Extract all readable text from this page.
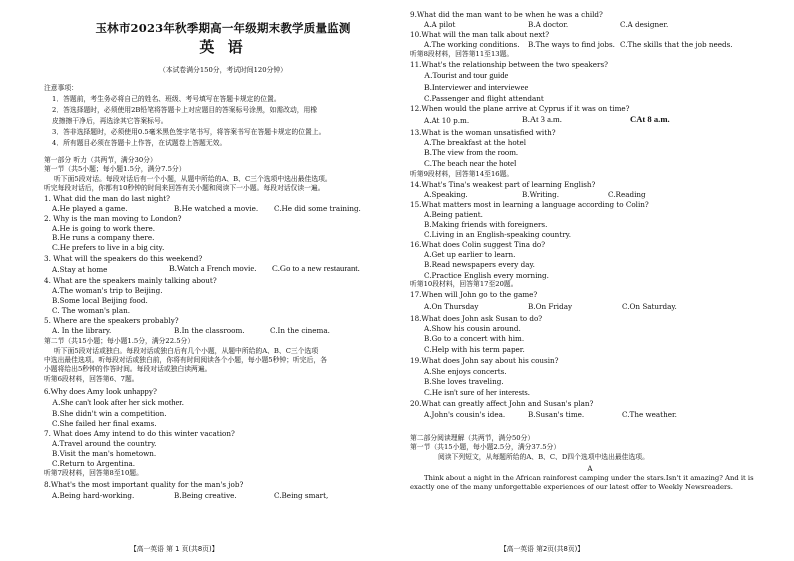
玉林市2023年秋季期高一年级期末教学质量监测
英 语
（本试卷满分150分，考试时间120分钟）
注意事项：
1．答题前，考生务必将自己的姓名、班级、考号填写在答题卡规定的位置。
2．答选择题时，必须使用2B铅笔将答题卡上对应题目的答案标号涂黑，如需改动，用橡
皮擦擦干净后，再选涂其它答案标号。
3．答非选择题时，必须使用0.5毫米黑色签字笔书写，将答案书写在答题卡规定的位置上。
4．所有题目必须在答题卡上作答，在试题卷上答题无效。
第一部分 听力（共两节，满分30分）
第一节（共5小题；每小题1.5分，满分7.5分）
听下面5段对话。每段对话后有一个小题，从题中所给的A、B、C三个选项中选出最佳选项。
听完每段对话后，你都有10秒钟的时间来回答有关小题和阅读下一小题。每段对话仅读一遍。
1. What did the man do last night?
A.He played a game.	B.He watched a movie. C.He did some training.
2. Why is the man moving to London?
A.He is going to work there.
B.He runs a company there.
C.He prefers to live in a big city.
3. What will the speakers do this weekend?
A.Stay at home	B.Watch a French movie. C.Go to a new restaurant.
4. What are the speakers mainly talking about?
A.The woman's trip to Beijing.
B.Some local Beijing food.
C. The woman's plan.
5. Where are the speakers probably?
A. In the library.	B.In the classroom.	C.In the cinema.
第二节（共15小题；每小题1.5分，满分22.5分）
听下面5段对话或独白。每段对话或独白后有几个小题，从题中所给的A、B、C三个选项
中选出最佳选项。听每段对话或独白前，你将有时间阅读各个小题，每小题5秒钟；听完后，各
小题将给出5秒钟的作答时间。每段对话或独白读两遍。
听第6段材料，回答第6、7题。
6.Why does Amy look unhappy?
A.She can't look after her sick mother.
B.She didn't win a competition.
C.She failed her final exams.
7. What does Amy intend to do this winter vacation?
A.Travel around the country.
B.Visit the man's hometown.
C.Return to Argentina.
听第7段材料，回答第8至10题。
8.What's the most important quality for the man's job?
A.Being hard-working.	B.Being creative.	C.Being smart,
【高一英语 第 1 页(共8页)】
9.What did the man want to be when he was a child?
A.A pilot	B.A doctor.	C.A designer.
10.What will the man talk about next?
A.The working conditions. B.The ways to find jobs. C.The skills that the job needs.
听第8段材料，回答第11至13题。
11.What's the relationship between the two speakers?
A.Tourist and tour guide
B.Interviewer and interviewee
C.Passenger and flight attendant
12.When would the plane arrive at Cyprus if it was on time?
A.At 10 p.m.	B.At 3 a.m.	CAt 8 a.m.
13.What is the woman unsatisfied with?
A.The breakfast at the hotel
B.The view from the room.
C.The beach near the hotel
听第9段材料，回答第14至16题。
14.What's Tina's weakest part of learning English?
A.Speaking.	B.Writing.	C.Reading
15.What matters most in learning a language according to Colin?
A.Being patient.
B.Making friends with foreigners.
C.Living in an English-speaking country.
16.What does Colin suggest Tina do?
A.Get up earlier to learn.
B.Read newspapers every day.
C.Practice English every morning.
听第10段材料，回答第17至20题。
17.When will John go to the game?
A.On Thursday	B.On Friday	C.On Saturday.
18.What does John ask Susan to do?
A.Show his cousin around.
B.Go to a concert with him.
C.Help with his term paper.
19.What does John say about his cousin?
A.She enjoys concerts.
B.She loves traveling.
C.He isn't sure of her interests.
20.What can greatly affect John and Susan's plan?
A.John's cousin's idea.	B.Susan's time.	C.The weather.
第二部分阅读理解（共两节，满分50分）
第一节（共15小题，每小题2.5分，满分37.5分）
阅读下列短文，从每题所给的A、B、C、D四个选项中选出最佳选项。
A
Think about a night in the African rainforest camping under the stars.Isn't it amazing? And it is
exactly one of the many unforgettable experiences of our latest offer to Weekly Newsreaders.
【高一英语 第2页(共8页)】
